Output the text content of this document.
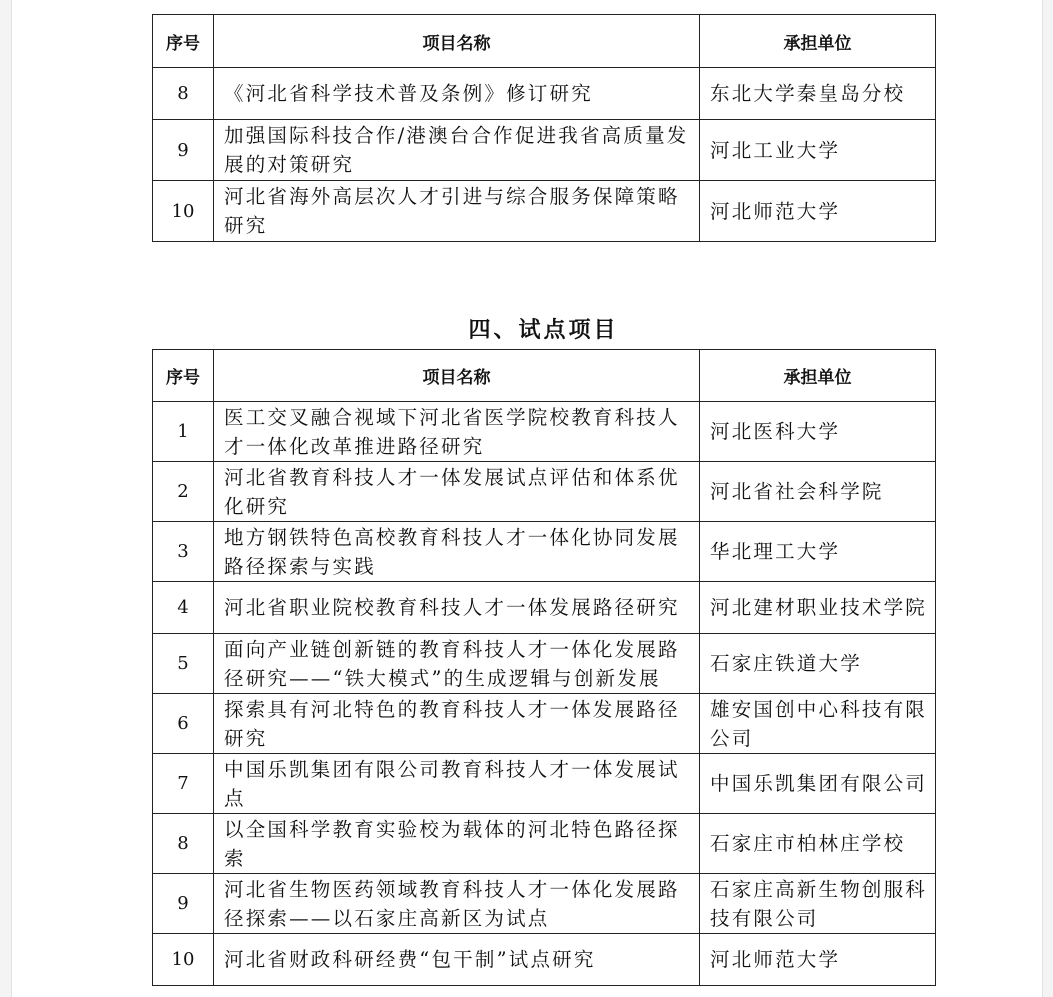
序号	项目名称	承担单位
8	《河北省科学技术普及条例》修订研究	东北大学秦皇岛分校
9	加强国际科技合作/港澳台合作促进我省高质量发展的对策研究	河北工业大学
10	河北省海外高层次人才引进与综合服务保障策略研究	河北师范大学
四、试点项目
序号	项目名称	承担单位
1	医工交叉融合视域下河北省医学院校教育科技人才一体化改革推进路径研究	河北医科大学
2	河北省教育科技人才一体发展试点评估和体系优化研究	河北省社会科学院
3	地方钢铁特色高校教育科技人才一体化协同发展路径探索与实践	华北理工大学
4	河北省职业院校教育科技人才一体发展路径研究	河北建材职业技术学院
5	面向产业链创新链的教育科技人才一体化发展路径研究——“铁大模式”的生成逻辑与创新发展	石家庄铁道大学
6	探索具有河北特色的教育科技人才一体发展路径研究	雄安国创中心科技有限公司
7	中国乐凯集团有限公司教育科技人才一体发展试点	中国乐凯集团有限公司
8	以全国科学教育实验校为载体的河北特色路径探索	石家庄市柏林庄学校
9	河北省生物医药领域教育科技人才一体化发展路径探索——以石家庄高新区为试点	石家庄高新生物创服科技有限公司
10	河北省财政科研经费“包干制”试点研究	河北师范大学
